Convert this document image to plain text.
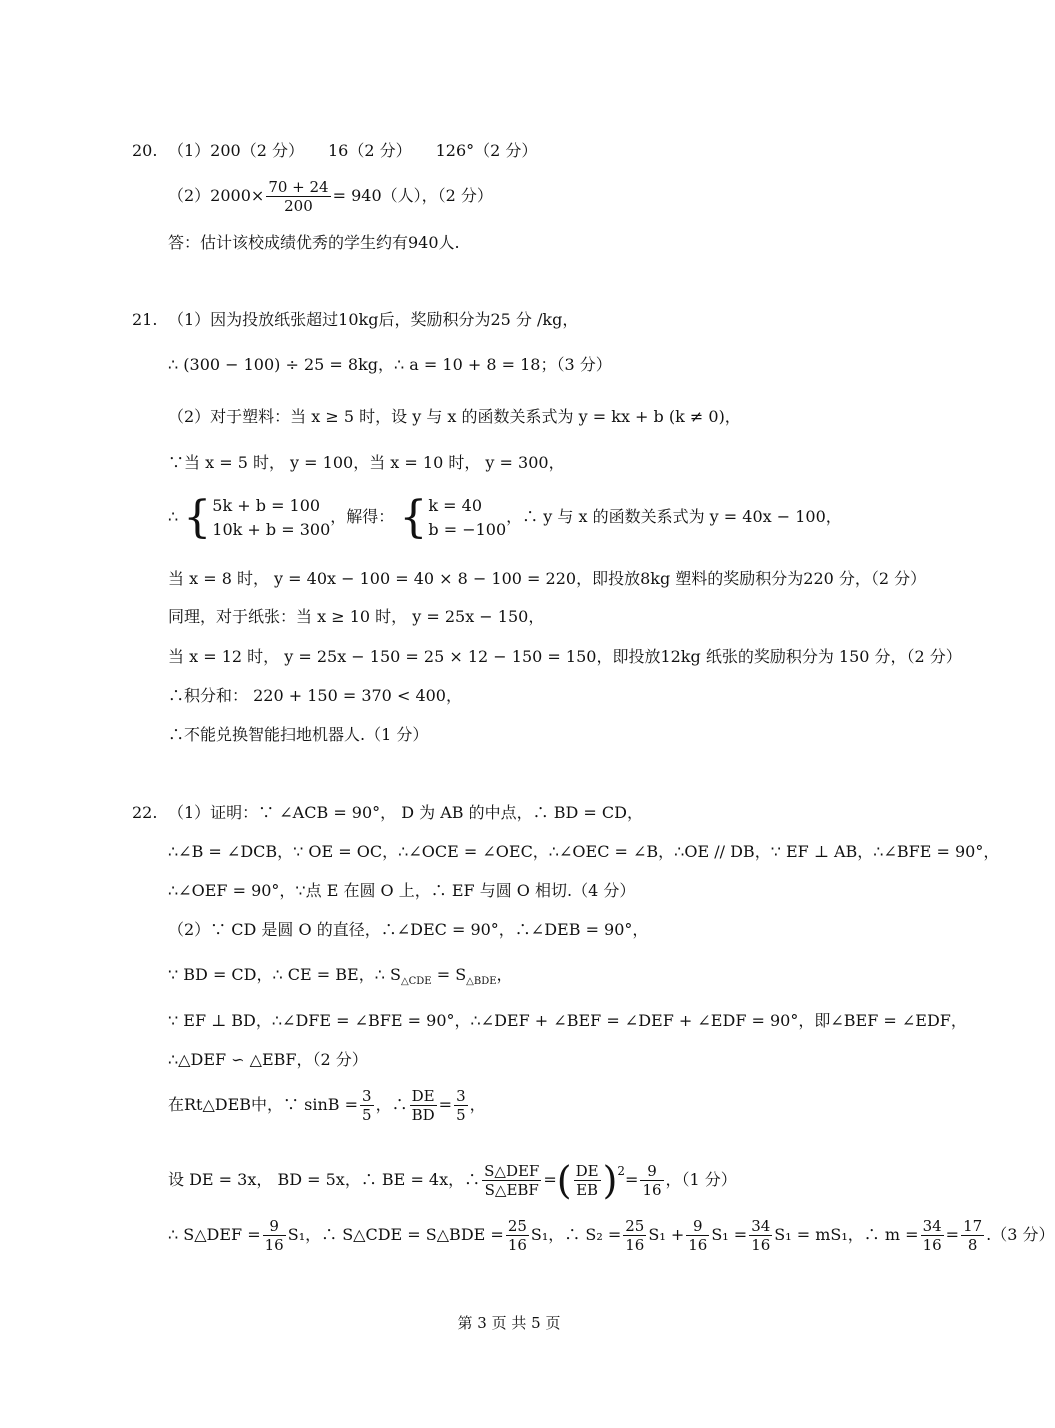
20. （1）200（2 分）　　16（2 分）　　126°（2 分）
$(2)2000\times \frac{70 + 24}{200} = 940$（人），（2 分）
答：估计该校成绩优秀的学生约有940人.
21. （1）因为投放纸张超过10kg后，奖励积分为25 分 /kg，
∴ (300 − 100) ÷ 25 = 8kg，∴ a = 10 + 8 = 18；（3 分）
（2）对于塑料：当 x ≥ 5 时，设 y 与 x 的函数关系式为 y = kx + b (k ≠ 0)，
∵当 x = 5 时， y = 100，当 x = 10 时， y = 300，
∴ { 5k + b = 100
10k + b = 300
，解得： { k = 40
b = −100
，∴ y 与 x 的函数关系式为 y = 40x − 100，
当 x = 8 时， y = 40x − 100 = 40 × 8 − 100 = 220，即投放8kg 塑料的奖励积分为220 分，（2 分）
同理，对于纸张：当 x ≥ 10 时， y = 25x − 150，
当 x = 12 时， y = 25x − 150 = 25 × 12 − 150 = 150，即投放12kg 纸张的奖励积分为 150 分，（2 分）
∴积分和： 220 + 150 = 370 < 400，
∴不能兑换智能扫地机器人.（1 分）
22. （1）证明：∵ ∠ACB = 90°， D 为 AB 的中点，∴ BD = CD，
∴∠B = ∠DCB，∵ OE = OC，∴∠OCE = ∠OEC，∴∠OEC = ∠B，∴OE // DB，∵ EF ⊥ AB，∴∠BFE = 90°，
∴∠OEF = 90°，∵点 E 在圆 O 上，∴ EF 与圆 O 相切.（4 分）
（2）∵ CD 是圆 O 的直径，∴∠DEC = 90°，∴∠DEB = 90°，
∵ BD = CD，∴ CE = BE，∴ $S_{\triangle CDE} = S_{\triangle BDE}$，
∵ EF ⊥ BD，∴∠DFE = ∠BFE = 90°，∴∠DEF + ∠BEF = ∠DEF + ∠EDF = 90°，即∠BEF = ∠EDF，
∴△DEF ∽ △EBF，（2 分）
在Rt△DEB中，∵ $\sin B = \frac{3}{5}$ ，∴ $\frac{DE}{BD} = \frac{3}{5}$ ，
设 DE = 3x， BD = 5x，∴ BE = 4x，∴ $\frac{\text{S△DEF}}{\text{S△EBF}}$ =( $\frac{DE}{EB} )^2= \frac{9}{16}$ ，（1 分）
∴ S△DEF = $\frac{9}{16} S_1$，∴ S△CDE = S△BDE = $\frac{25}{16} S_1$，∴ $S_2 = \frac{25}{16} S_1 + \frac{9}{16} S_1 = \frac{34}{16} S_1 = mS_1$，∴ $m = \frac{34}{16} = \frac{17}{8} .(3$ 分）
第 3 页 共 5 页
